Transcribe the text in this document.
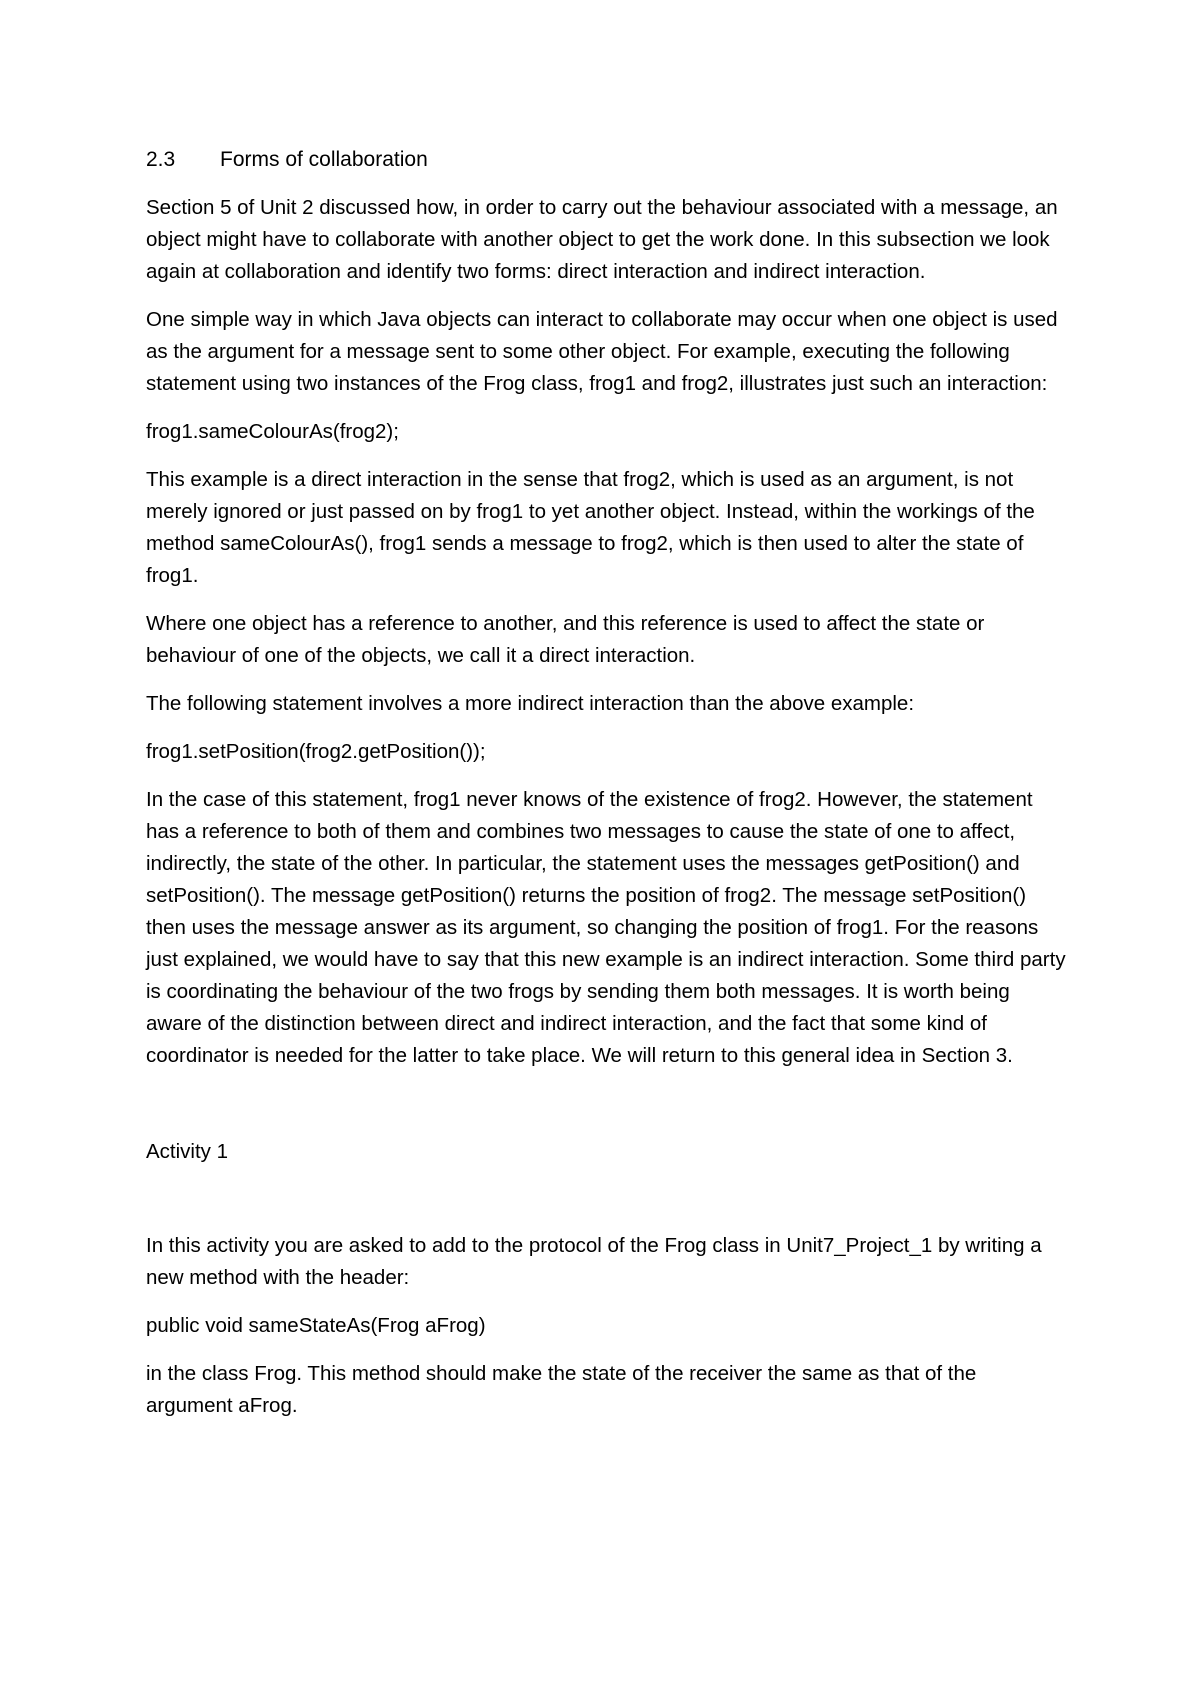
2.3 Forms of collaboration

Section 5 of Unit 2 discussed how, in order to carry out the behaviour associated with a message, an object might have to collaborate with another object to get the work done. In this subsection we look again at collaboration and identify two forms: direct interaction and indirect interaction.

One simple way in which Java objects can interact to collaborate may occur when one object is used as the argument for a message sent to some other object. For example, executing the following statement using two instances of the Frog class, frog1 and frog2, illustrates just such an interaction:

frog1.sameColourAs(frog2);

This example is a direct interaction in the sense that frog2, which is used as an argument, is not merely ignored or just passed on by frog1 to yet another object. Instead, within the workings of the method sameColourAs(), frog1 sends a message to frog2, which is then used to alter the state of frog1.

Where one object has a reference to another, and this reference is used to affect the state or behaviour of one of the objects, we call it a direct interaction.

The following statement involves a more indirect interaction than the above example:

frog1.setPosition(frog2.getPosition());

In the case of this statement, frog1 never knows of the existence of frog2. However, the statement has a reference to both of them and combines two messages to cause the state of one to affect, indirectly, the state of the other. In particular, the statement uses the messages getPosition() and setPosition(). The message getPosition() returns the position of frog2. The message setPosition() then uses the message answer as its argument, so changing the position of frog1. For the reasons just explained, we would have to say that this new example is an indirect interaction. Some third party is coordinating the behaviour of the two frogs by sending them both messages. It is worth being aware of the distinction between direct and indirect interaction, and the fact that some kind of coordinator is needed for the latter to take place. We will return to this general idea in Section 3.

Activity 1

In this activity you are asked to add to the protocol of the Frog class in Unit7_Project_1 by writing a new method with the header:

public void sameStateAs(Frog aFrog)

in the class Frog. This method should make the state of the receiver the same as that of the argument aFrog.
